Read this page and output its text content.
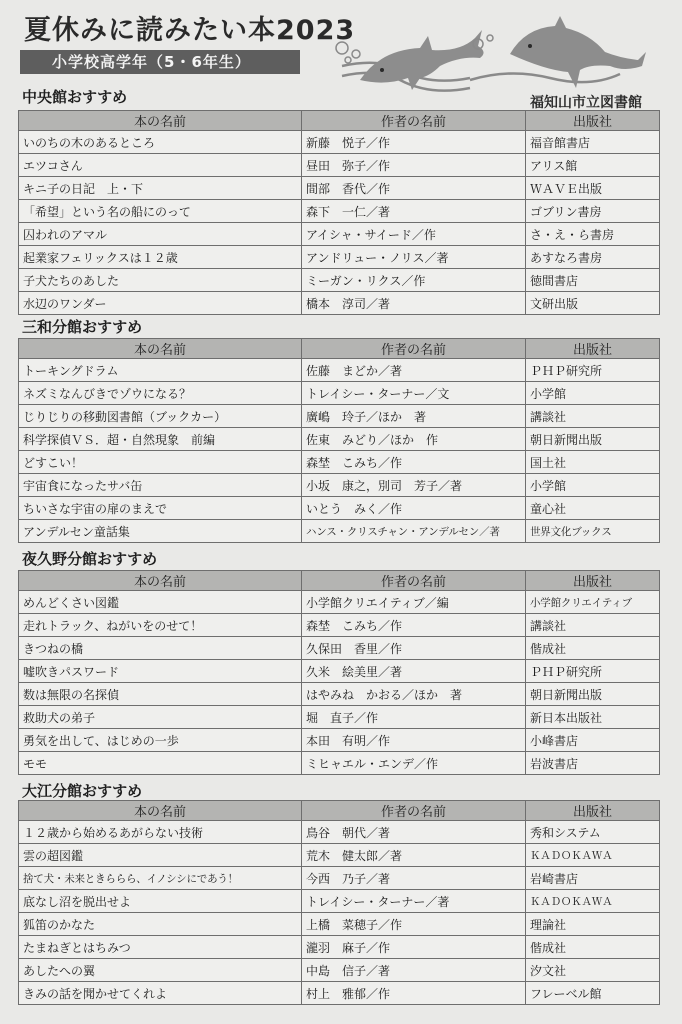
夏休みに読みたい本2023
小学校高学年（5・6年生）
福知山市立図書館
中央館おすすめ
本の名前	作者の名前	出版社
いのちの木のあるところ	新藤　悦子／作	福音館書店
エツコさん	昼田　弥子／作	アリス館
キニ子の日記　上・下	間部　香代／作	ＷＡＶＥ出版
「希望」という名の船にのって	森下　一仁／著	ゴブリン書房
囚われのアマル	アイシャ・サイード／作	さ・え・ら書房
起業家フェリックスは１２歳	アンドリュー・ノリス／著	あすなろ書房
子犬たちのあした	ミーガン・リクス／作	徳間書店
水辺のワンダー	橋本　淳司／著	文研出版
三和分館おすすめ
本の名前	作者の名前	出版社
トーキングドラム	佐藤　まどか／著	ＰＨＰ研究所
ネズミなんびきでゾウになる？	トレイシー・ターナー／文	小学館
じりじりの移動図書館（ブックカー）	廣嶋　玲子／ほか　著	講談社
科学探偵ＶＳ．超・自然現象　前編	佐東　みどり／ほか　作	朝日新聞出版
どすこい！	森埜　こみち／作	国土社
宇宙食になったサバ缶	小坂　康之，別司　芳子／著	小学館
ちいさな宇宙の扉のまえで	いとう　みく／作	童心社
アンデルセン童話集	ハンス・クリスチャン・アンデルセン／著	世界文化ブックス
夜久野分館おすすめ
本の名前	作者の名前	出版社
めんどくさい図鑑	小学館クリエイティブ／編	小学館クリエイティブ
走れトラック、ねがいをのせて！	森埜　こみち／作	講談社
きつねの橋	久保田　香里／作	偕成社
嘘吹きパスワード	久米　絵美里／著	ＰＨＰ研究所
数は無限の名探偵	はやみね　かおる／ほか　著	朝日新聞出版
救助犬の弟子	堀　直子／作	新日本出版社
勇気を出して、はじめの一歩	本田　有明／作	小峰書店
モモ	ミヒャエル・エンデ／作	岩波書店
大江分館おすすめ
本の名前	作者の名前	出版社
１２歳から始めるあがらない技術	鳥谷　朝代／著	秀和システム
雲の超図鑑	荒木　健太郎／著	ＫＡＤＯＫＡＷＡ
捨て犬・未来ときららら、イノシシにであう！	今西　乃子／著	岩崎書店
底なし沼を脱出せよ	トレイシー・ターナー／著	ＫＡＤＯＫＡＷＡ
狐笛のかなた	上橋　菜穂子／作	理論社
たまねぎとはちみつ	瀧羽　麻子／作	偕成社
あしたへの翼	中島　信子／著	汐文社
きみの話を聞かせてくれよ	村上　雅郁／作	フレーベル館
